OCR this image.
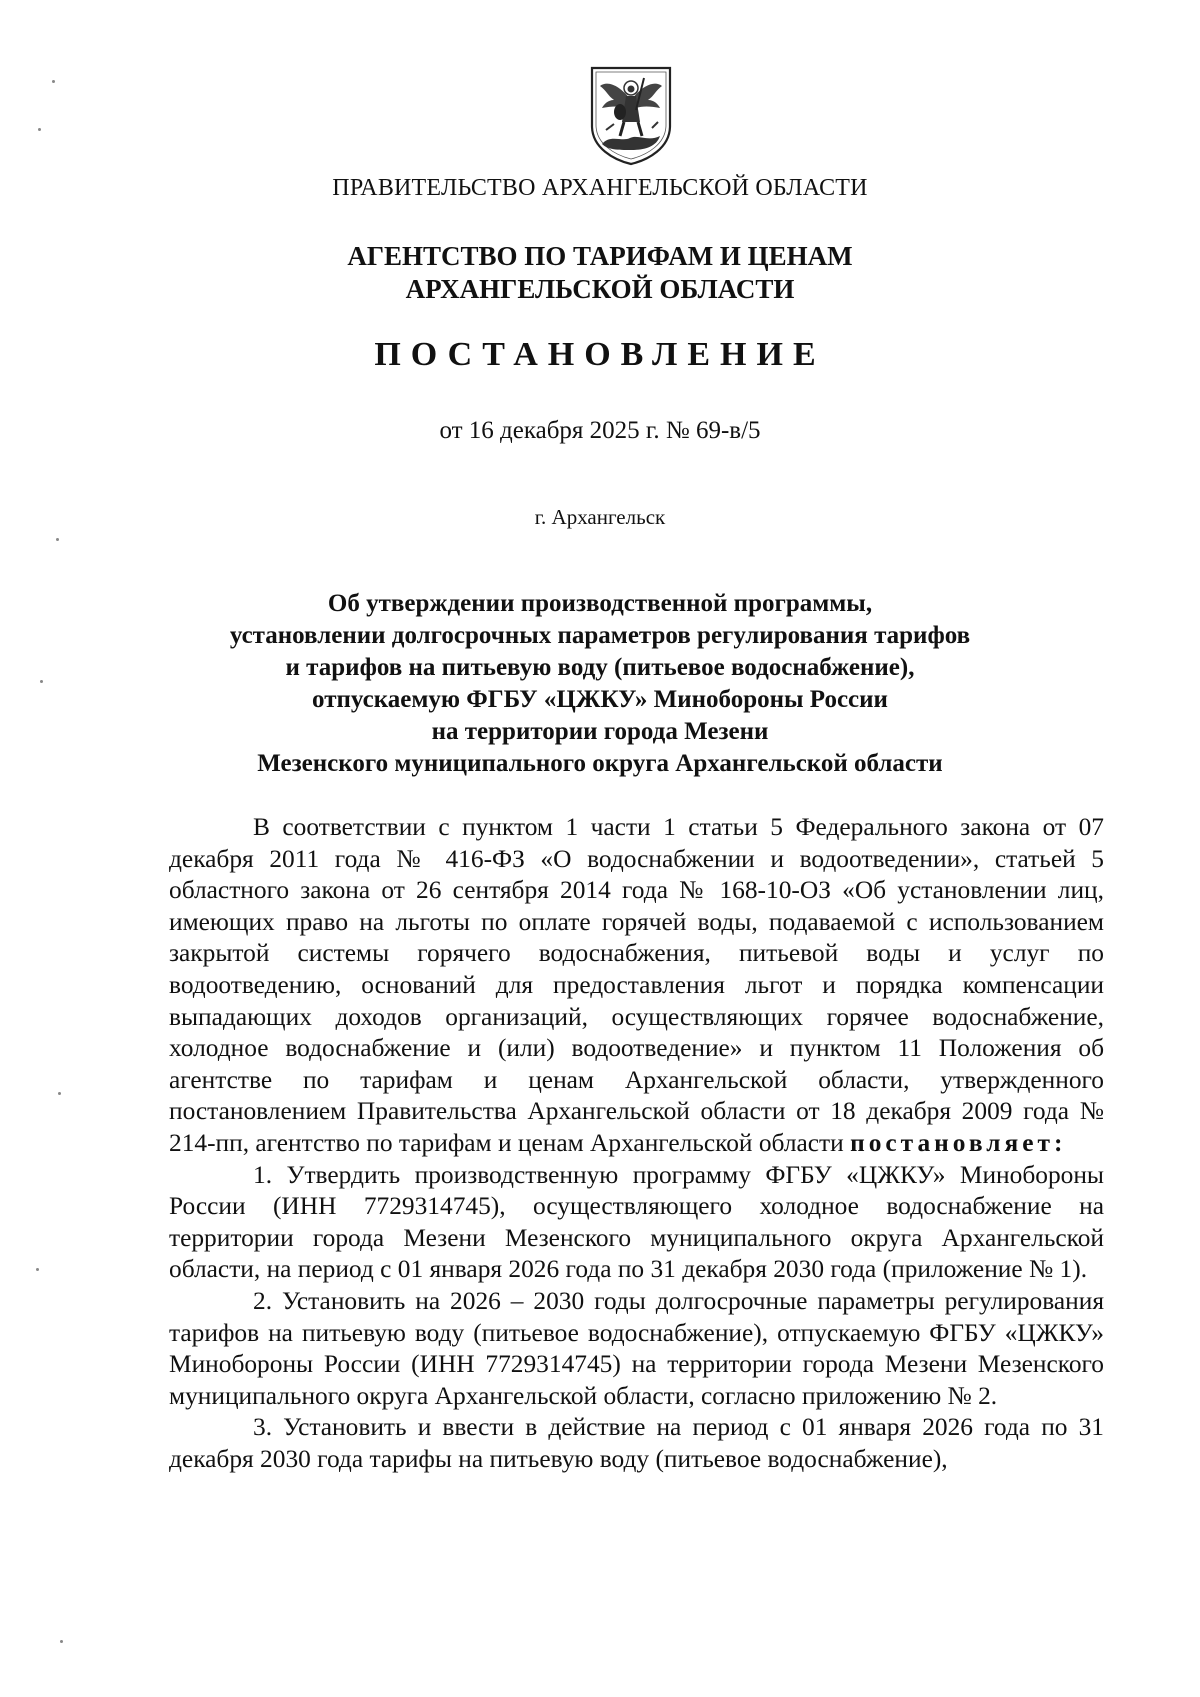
ПРАВИТЕЛЬСТВО АРХАНГЕЛЬСКОЙ ОБЛАСТИ
АГЕНТСТВО ПО ТАРИФАМ И ЦЕНАМ
АРХАНГЕЛЬСКОЙ ОБЛАСТИ
ПОСТАНОВЛЕНИЕ
от 16 декабря 2025 г. № 69-в/5
г. Архангельск
Об утверждении производственной программы,
установлении долгосрочных параметров регулирования тарифов
и тарифов на питьевую воду (питьевое водоснабжение),
отпускаемую ФГБУ «ЦЖКУ» Минобороны России
на территории города Мезени
Мезенского муниципального округа Архангельской области

В соответствии с пунктом 1 части 1 статьи 5 Федерального закона от 07 декабря 2011 года № 416-ФЗ «О водоснабжении и водоотведении», статьей 5 областного закона от 26 сентября 2014 года № 168-10-ОЗ «Об установлении лиц, имеющих право на льготы по оплате горячей воды, подаваемой с использованием закрытой системы горячего водоснабжения, питьевой воды и услуг по водоотведению, оснований для предоставления льгот и порядка компенсации выпадающих доходов организаций, осуществляющих горячее водоснабжение, холодное водоснабжение и (или) водоотведение» и пунктом 11 Положения об агентстве по тарифам и ценам Архангельской области, утвержденного постановлением Правительства Архангельской области от 18 декабря 2009 года № 214-пп, агентство по тарифам и ценам Архангельской области постановляет:

1. Утвердить производственную программу ФГБУ «ЦЖКУ» Минобороны России (ИНН 7729314745), осуществляющего холодное водоснабжение на территории города Мезени Мезенского муниципального округа Архангельской области, на период с 01 января 2026 года по 31 декабря 2030 года (приложение № 1).

2. Установить на 2026 – 2030 годы долгосрочные параметры регулирования тарифов на питьевую воду (питьевое водоснабжение), отпускаемую ФГБУ «ЦЖКУ» Минобороны России (ИНН 7729314745) на территории города Мезени Мезенского муниципального округа Архангельской области, согласно приложению № 2.

3. Установить и ввести в действие на период с 01 января 2026 года по 31 декабря 2030 года тарифы на питьевую воду (питьевое водоснабжение),
